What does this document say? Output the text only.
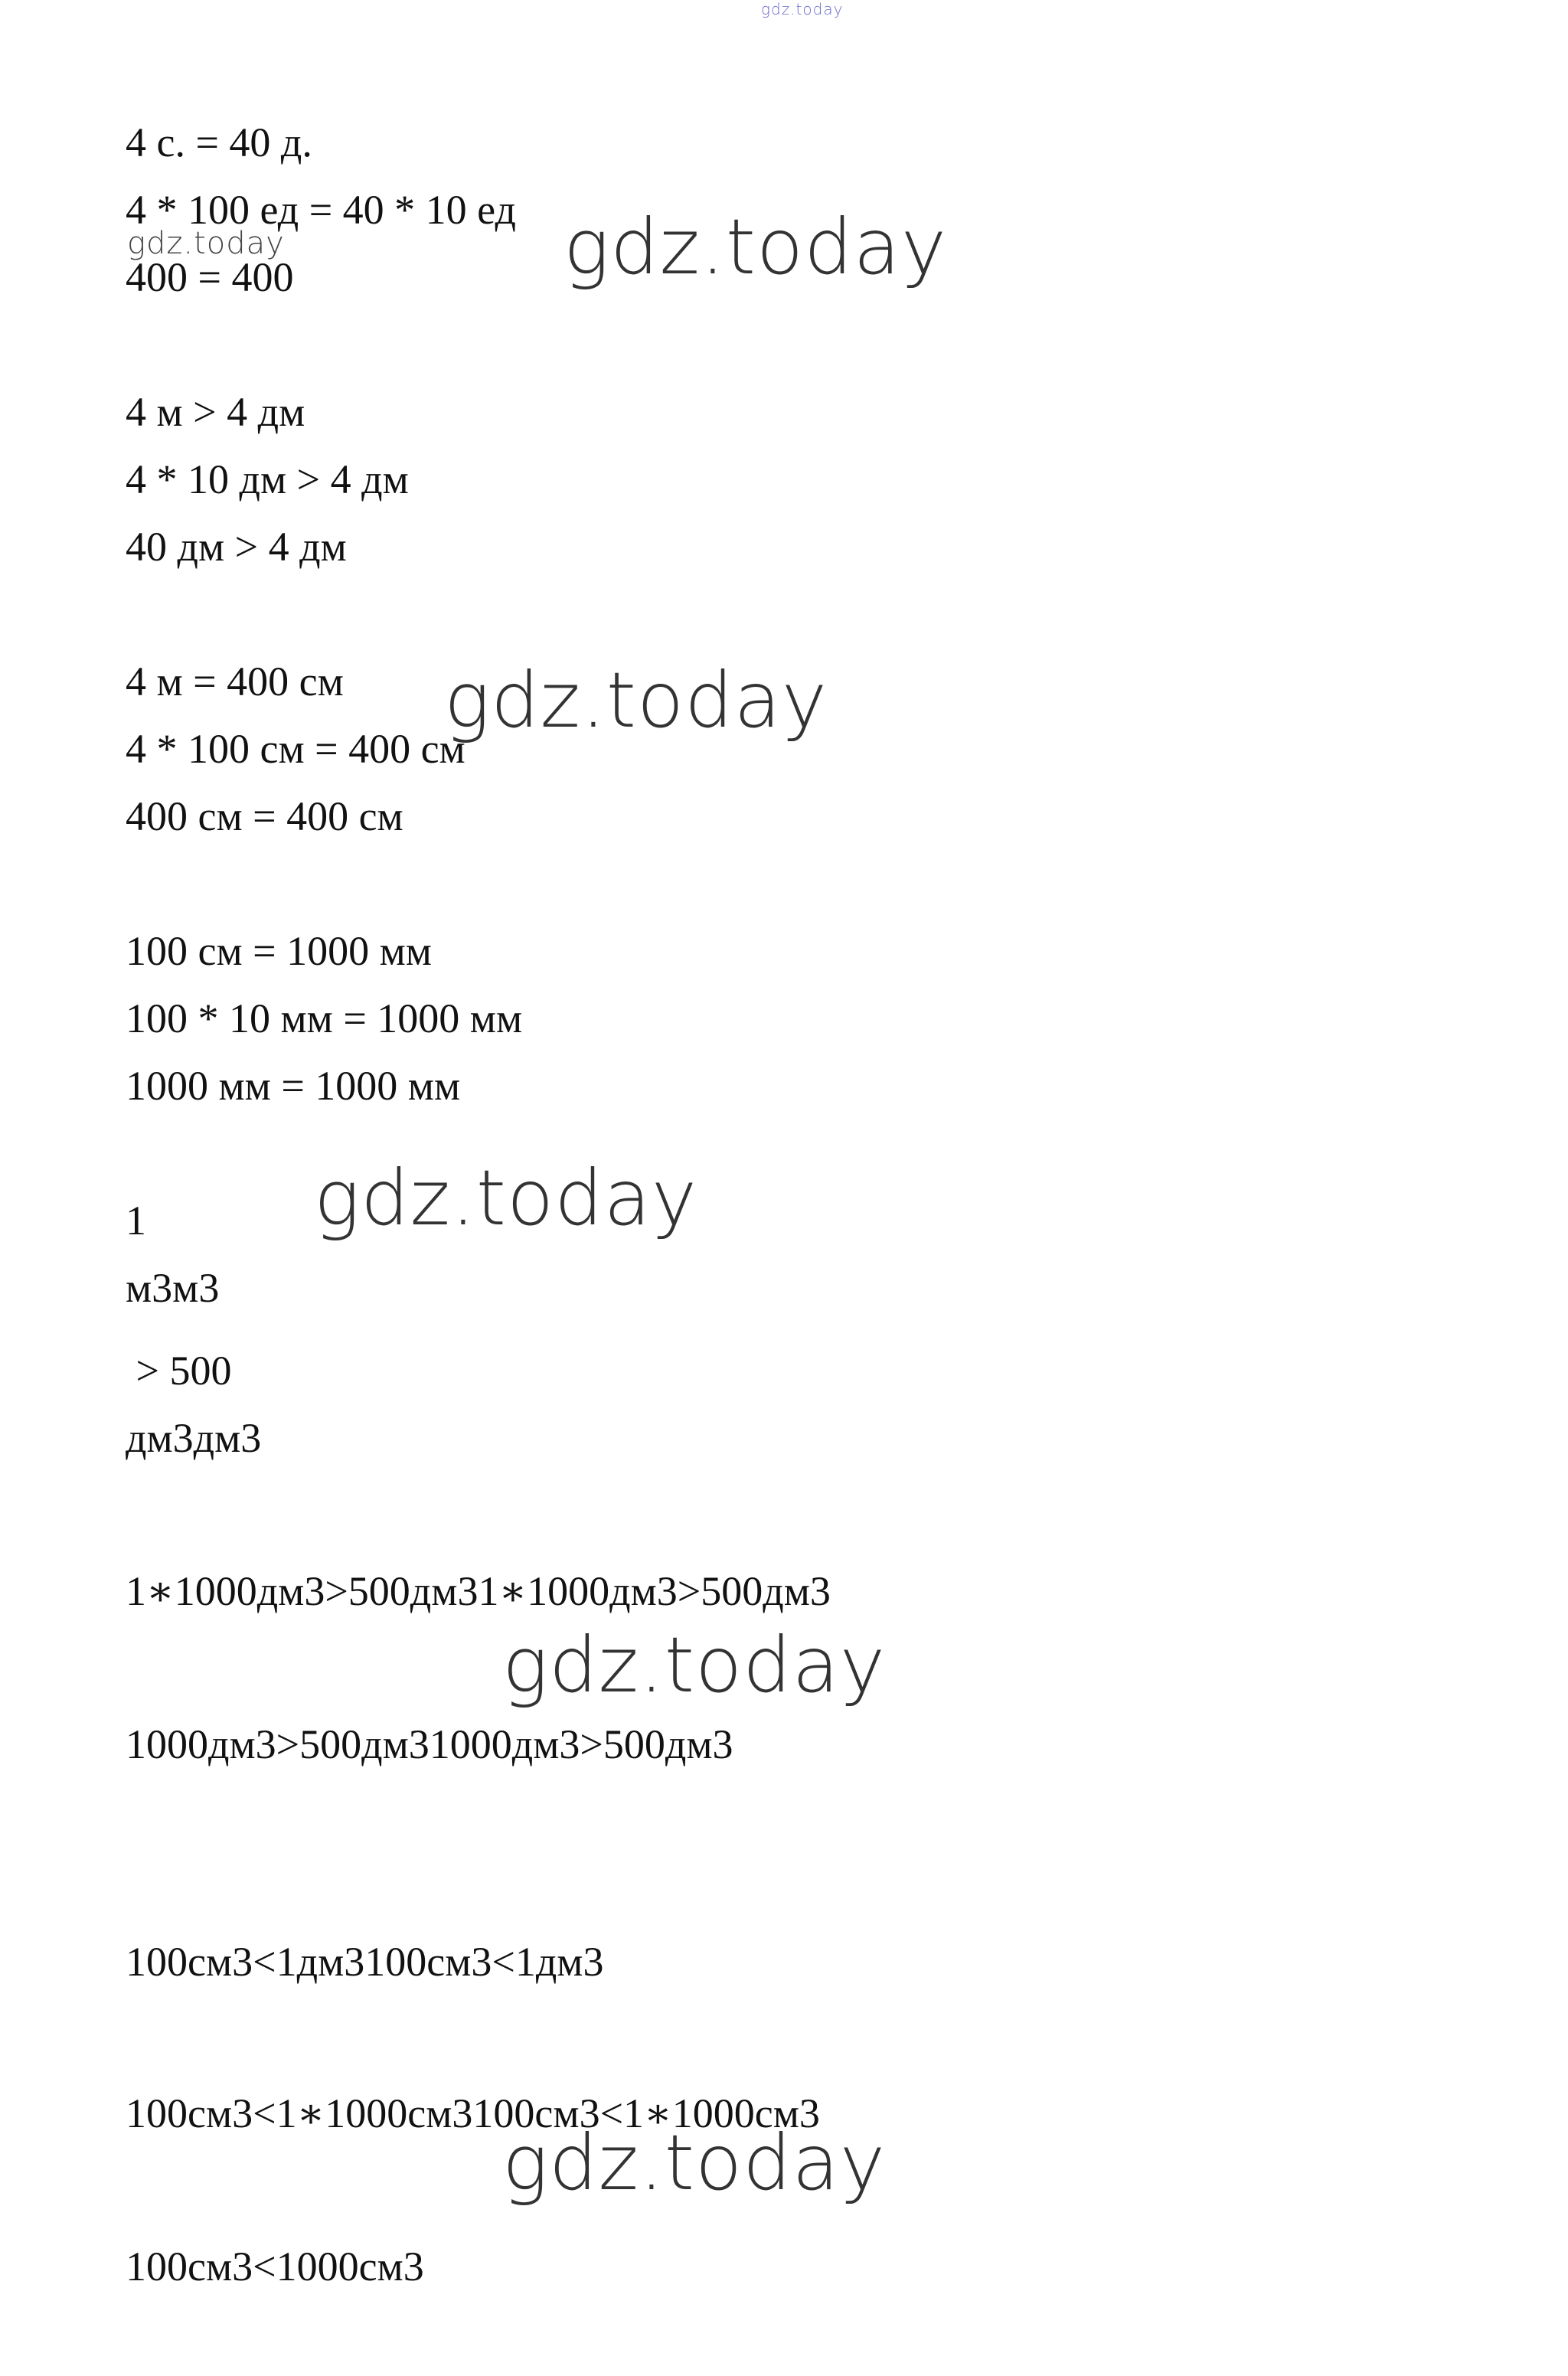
gdz.today
gdz.today	gdz.today
gdz.today
gdz.today
gdz.today
gdz.today

4 с. = 40 д.

4 * 100 ед = 40 * 10 ед

400 = 400

4 м > 4 дм

4 * 10 дм > 4 дм

40 дм > 4 дм

4 м = 400 см

4 * 100 см = 400 см

400 см = 400 см

100 см = 1000 мм

100 * 10 мм = 1000 мм

1000 мм = 1000 мм

1

м3м3

> 500

дм3дм3

1∗1000дм3>500дм31∗1000дм3>500дм3

1000дм3>500дм31000дм3>500дм3

100см3<1дм3100см3<1дм3

100см3<1∗1000см3100см3<1∗1000см3

100см3<1000см3
